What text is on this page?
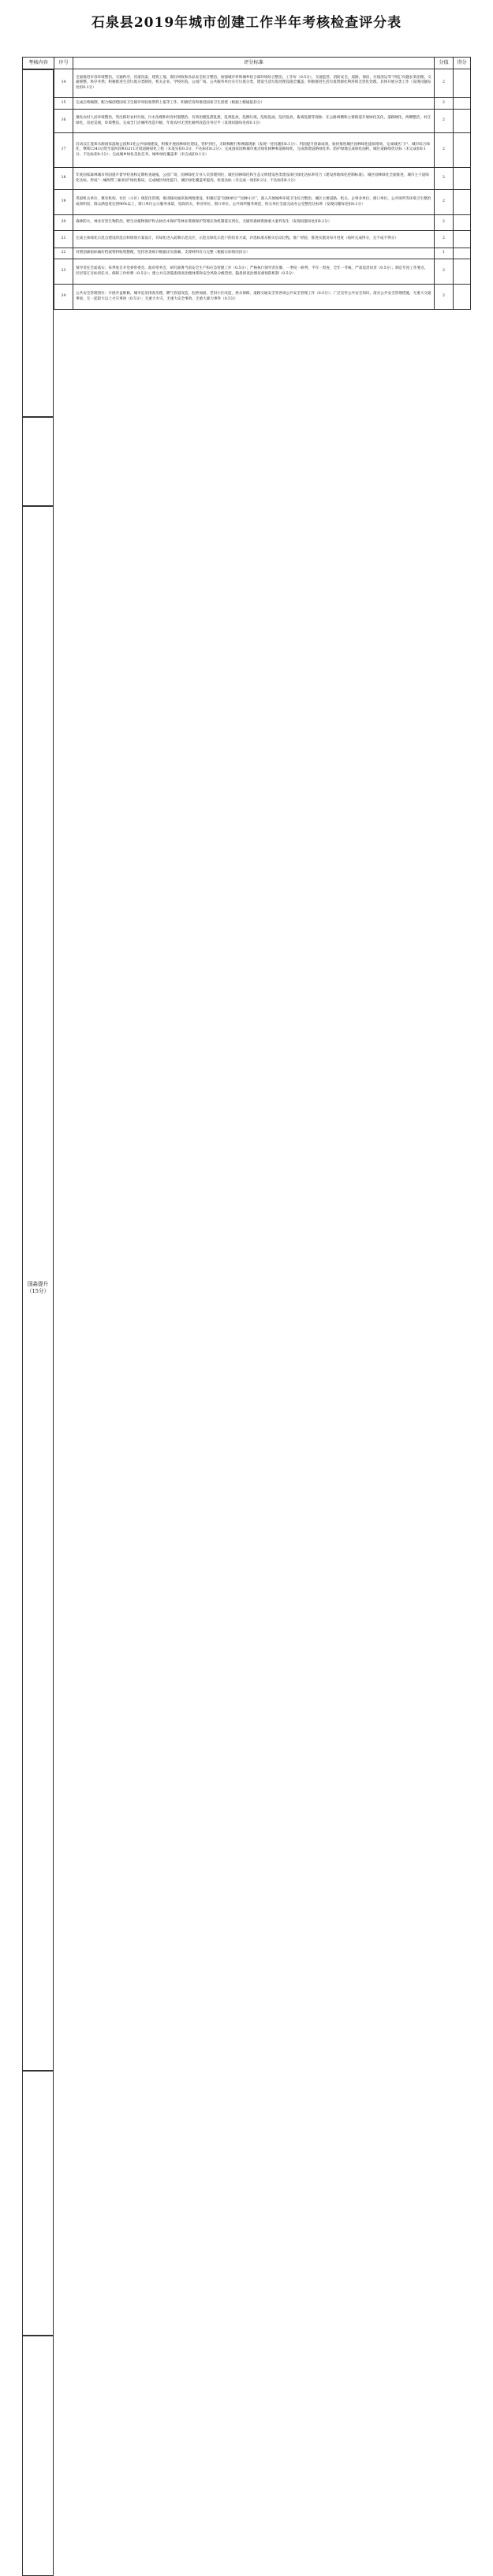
石泉县2019年城市创建工作半年考核检查评分表
考核内容	序号	评分标准	分值	得分
	14	全面推进市容环境整治，交通秩序，河道沟渠，建筑工地，废旧回收和食品安全综合整治，加强城市村和城乡结合部环境综合整治，工作好（0.5分），交通监管，消防安全，道路，保洁，垃圾清运等“四乱”问题长效治理，交通规整，秩序井然；积极推进生活垃圾分类制度，机关企业、学校医院、公园广场、公共服务单位实行垃圾分类，建设生活垃圾处理设施全覆盖；积极推进生活垃圾资源化利用和无害化处理。具体开展分类工作（发现问题每处扣0.1分）	2	
	15	完成后续编制，配合编创建国家卫生镇评审验收资料上报等工作，积极培育和推进国家卫生创建（根据上级通报扣分）	2	
	16	强化农村人居环境整治，突出抓好农村垃圾、污水治理和村容村貌整治，有效治理乱搭乱建，乱堆乱放，乱倒垃圾，乱贴乱画，乱扔乱放，畜禽乱圈等现象；在公路两侧和主要街道开展绿化美化，道路硬化，两侧整洁，村庄绿化，房屋美观，环境整洁。完成全门店厕所改造升级，年度农村无害化厕所改造任务过半（发现问题每处扣0.1分）	2	
	17	启动汉江蓬莱水源国家湿地公园和1处公共绿地建设，积极开展园林绿化建设，管护到位，无缺株断行和裸露现象（发现一处问题扣0.1分）；巩固提升创森成效，加快推进城区园林绿化提质增效，完成城区门户、城市综合绿化，继续C341后绕至道河段和G211过境道路绿化工程（未落实扣0.3分，不达标扣0.2分）；完成国家园林城市重点绿化树种和道路绿化，完成新建道路绿化率、防护绿地完成绿化面积，城区道路绿化达标（未完成扣0.1分，不达标扣0.1分）；完成城乡绿化美化任务，城乡绿化覆盖率（未完成扣0.1分）	2	
	18	年度国家森林城市巩固提升督导检查和定期检查通报，公园广场，园林绿化专业人员管理到位，城区园林绿化和生态文明建设各类建设项目绿化达标率符合《建设用地绿化控制标准》，城区园林绿化全面推进，城市主干道绿化达标，形成“一城两带三廊多园”绿化格局，完成城区绿化提升，城区绿化覆盖率提高，检查达标（未完成一项扣0.2分，不达标扣0.1分）	2	
	19	巩固机关单位，教育机构，社区（小区）规范化管理，推进移动通讯和网络建设，积极打造“园林单位”“园林小区”，深入开展城乡环境卫生综合整治，城区主要道路、机关、企事业单位、窗口单位、公共场所等环境卫生整治成效明显，群众满意度达到90%以上，窗口单位公示服务承诺，党政机关、事业单位、窗口单位、公共场所服务规范，机关单位全面完成办公室整治达标率（发现问题每处扣0.1分）	2	
	20	森林防火，林业有害生物防治，野生动植物保护和古树名木保护等林业资源保护管理长效机制落实到位，无破坏森林资源重大案件发生（发现问题每处扣0.2分）	2	
	21	完成主体绿化示范点建设的选点和规划方案设计，有绿化进入前期示范点区，示范点绿化示范户的培育方案，评选标准及相关启动过程，推广经验，推进实施及每月进度（按时完成得分，完不成不得分）	2	
	22	对照创森指标做好档案资料收集整理，坚持各类统计数据详实准确，支撑材料有力完整（根据实际情况扣分）	1	
	23	领导责任全面落实；每季度召开党委常委会、政府常务会，研究部署当前安全生产和应急管理工作（0.5分）；严格执行领导责任制，一季度一研判，半年一督查，全年一考核，严肃追责问责（0.5分）；制定年度工作要点，层层签订目标责任书，保障工作经费（0.5分）；建立并完善隐患排查治理体系和安全风险分级管控、隐患排查治理双重预防机制（0.5分）	2	
	24	公共安全管理到位：开展井盖维修，城市危房排查治理，燃气管道改造，危桥加固，老旧小区改造，供水保障，道路交通安全等各项公共安全管理工作（0.5分）；广泛宣传公共安全知识，落实公共安全管理措施，无重大交通事故，无一起较大以上火灾事故（0.5分）；无重大火灾，无重大安全事故，无重大暴力事件（0.5分）	2	
国森提升
（15分）
